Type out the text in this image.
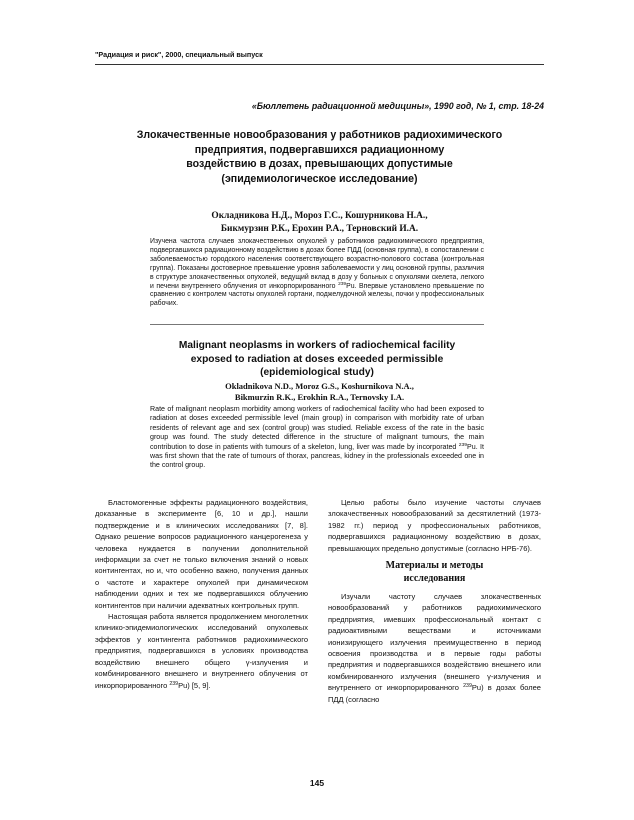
"Радиация и риск", 2000, специальный выпуск
«Бюллетень радиационной медицины», 1990 год, № 1, стр. 18-24
Злокачественные новообразования у работников радиохимического
предприятия, подвергавшихся радиационному
воздействию в дозах, превышающих допустимые
(эпидемиологическое исследование)
Окладникова Н.Д., Мороз Г.С., Кошурникова Н.А.,
Бикмурзин Р.К., Ерохин Р.А., Терновский И.А.
Изучена частота случаев злокачественных опухолей у работников радиохимического предприятия, подвергавшихся радиационному воздействию в дозах более ПДД (основная группа), в сопоставлении с заболеваемостью городского населения соответствующего возрастно-полового состава (контрольная группа). Показаны достоверное превышение уровня заболеваемости у лиц основной группы, различия в структуре злокачественных опухолей, ведущий вклад в дозу у больных с опухолями скелета, легкого и печени внутреннего облучения от инкорпорированного $^{239}$Pu. Впервые установлено превышение по сравнению с контролем частоты опухолей гортани, поджелудочной железы, почки у профессиональных рабочих.
Malignant neoplasms in workers of radiochemical facility
exposed to radiation at doses exceeded permissible
(epidemiological study)
Okladnikova N.D., Moroz G.S., Koshurnikova N.A.,
Bikmurzin R.K., Erokhin R.A., Ternovsky I.A.
Rate of malignant neoplasm morbidity among workers of radiochemical facility who had been exposed to radiation at doses exceeded permissible level (main group) in comparison with morbidity rate of urban residents of relevant age and sex (control group) was studied. Reliable excess of the rate in the basic group was found. The study detected difference in the structure of malignant tumours, the main contribution to dose in patients with tumours of a skeleton, lung, liver was made by incorporated $^{239}$Pu. It was first shown that the rate of tumours of thorax, pancreas, kidney in the professionals exceeded one in the control group.

Бластомогенные эффекты радиационного воздействия, доказанные в эксперименте [6, 10 и др.], нашли подтверждение и в клинических исследованиях [7, 8]. Однако решение вопросов радиационного канцерогенеза у человека нуждается в получении дополнительной информации за счет не только включения знаний о новых контингентах, но и, что особенно важно, получения данных о частоте и характере опухолей при динамическом наблюдении одних и тех же подвергавшихся облучению контингентов при наличии адекватных контрольных групп.

Настоящая работа является продолжением многолетних клинико-эпидемиологических исследований опухолевых эффектов у контингента работников радиохимического предприятия, подвергавшихся в условиях производства воздействию внешнего общего γ-излучения и комбинированного внешнего и внутреннего облучения от инкорпорированного $^{239}$Pu) [5, 9].

Целью работы было изучение частоты случаев злокачественных новообразований за десятилетний (1973-1982 гг.) период у профессиональных работников, подвергавшихся радиационному воздействию в дозах, превышающих предельно допустимые (согласно НРБ-76).

Материалы и методы
исследования

Изучали частоту случаев злокачественных новообразований у работников радиохимического предприятия, имевших профессиональный контакт с радиоактивными веществами и источниками ионизирующего излучения преимущественно в период освоения производства и в первые годы работы предприятия и подвергавшихся воздействию внешнего или комбинированного излучения (внешнего γ-излучения и внутреннего от инкорпорированного $^{239}$Pu) в дозах более ПДД (согласно

145
